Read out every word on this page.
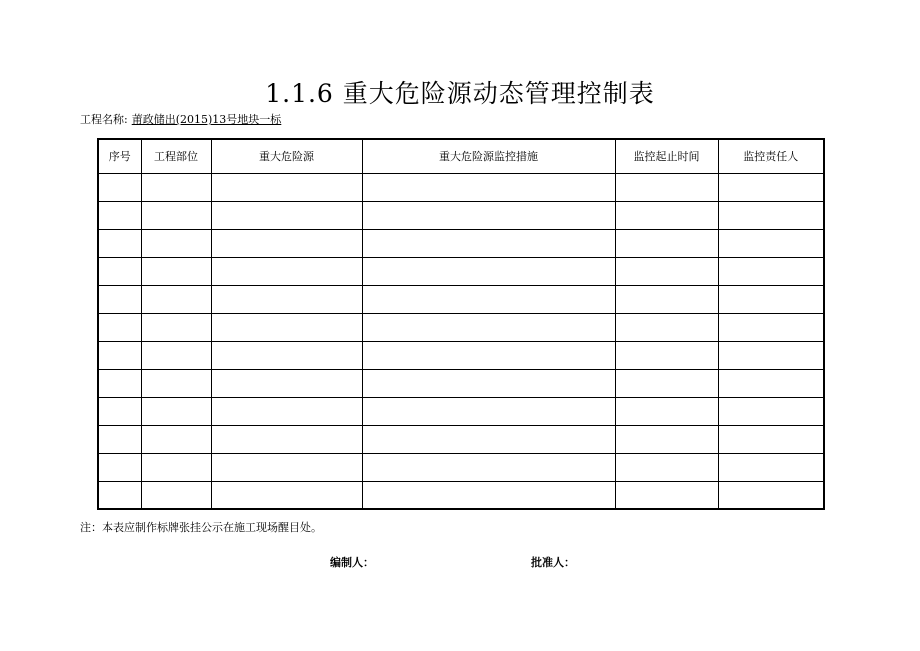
1.1.6 重大危险源动态管理控制表
工程名称: 莆政储出(2015)13号地块一标
序号	工程部位	重大危险源	重大危险源监控措施	监控起止时间	监控责任人

注：本表应制作标牌张挂公示在施工现场醒目处。
编制人：	批准人：
